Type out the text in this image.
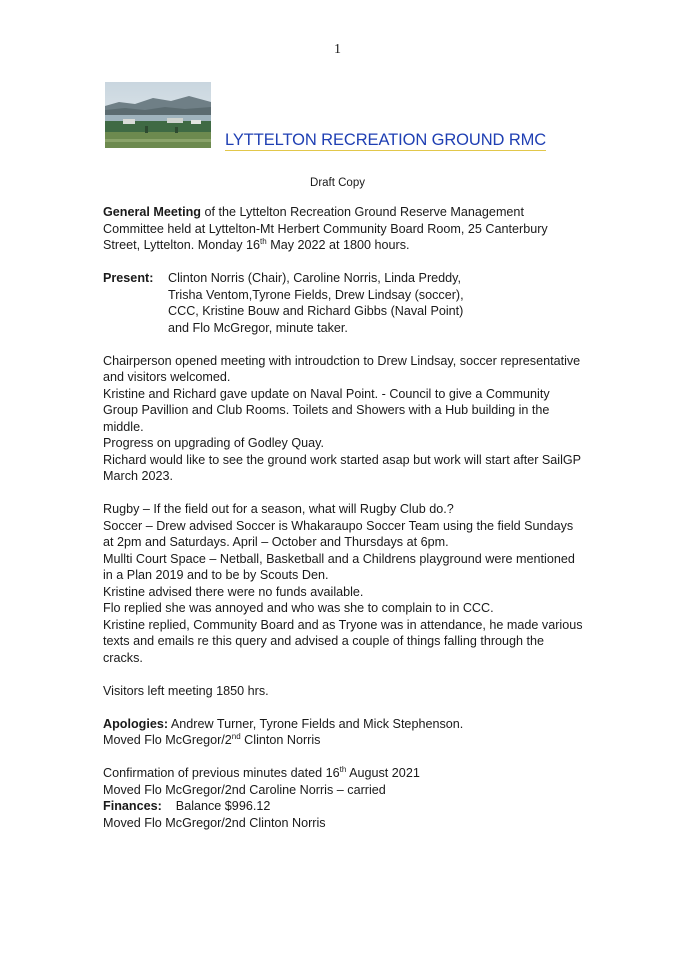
1
LYTTELTON RECREATION GROUND RMC
Draft Copy

General Meeting of the Lyttelton Recreation Ground Reserve Management Committee held at Lyttelton-Mt Herbert Community Board Room, 25 Canterbury Street, Lyttelton. Monday 16th May 2022 at 1800 hours.

Present:	Clinton Norris (Chair), Caroline Norris, Linda Preddy,

Trisha Ventom,Tyrone Fields, Drew Lindsay (soccer),

CCC, Kristine Bouw and Richard Gibbs (Naval Point)

and Flo McGregor, minute taker.

Chairperson opened meeting with introudction to Drew Lindsay, soccer representative and visitors welcomed.

Kristine and Richard gave update on Naval Point. - Council to give a Community Group Pavillion and Club Rooms. Toilets and Showers with a Hub building in the middle.

Progress on upgrading of Godley Quay.

Richard would like to see the ground work started asap but work will start after SailGP March 2023.

Rugby – If the field out for a season, what will Rugby Club do.?

Soccer – Drew advised Soccer is Whakaraupo Soccer Team using the field Sundays at 2pm and Saturdays. April – October and Thursdays at 6pm.

Mullti Court Space – Netball, Basketball and a Childrens playground were mentioned in a Plan 2019 and to be by Scouts Den.

Kristine advised there were no funds available.

Flo replied she was annoyed and who was she to complain to in CCC.

Kristine replied, Community Board and as Tryone was in attendance, he made various texts and emails re this query and advised a couple of things falling through the cracks.

Visitors left meeting 1850 hrs.

Apologies: Andrew Turner, Tyrone Fields and Mick Stephenson.

Moved Flo McGregor/2nd Clinton Norris

Confirmation of previous minutes dated 16th August 2021

Moved Flo McGregor/2nd Caroline Norris – carried

Finances: Balance $996.12

Moved Flo McGregor/2nd Clinton Norris
